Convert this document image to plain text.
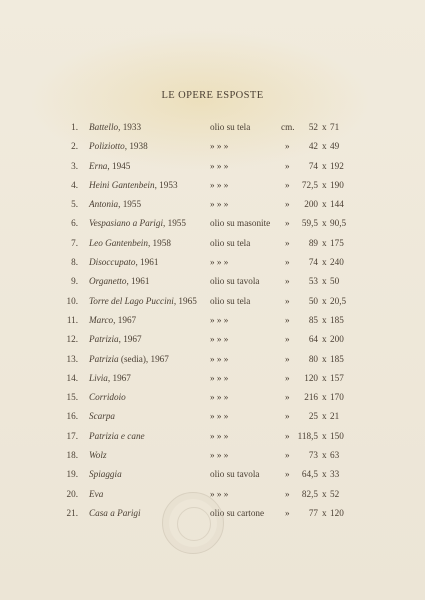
LE OPERE ESPOSTE
1. Battello, 1933	olio su tela	cm.	52 x 71
2. Poliziotto, 1938	» » »	»	42 x 49
3. Erna, 1945	» » »	»	74 x 192
4. Heini Gantenbein, 1953	» » »	»	72,5 x 190
5. Antonia, 1955	» » »	»	200 x 144
6. Vespasiano a Parigi, 1955	olio su masonite »	59,5 x 90,5
7. Leo Gantenbein, 1958	olio su tela	»	89 x 175
8. Disoccupato, 1961	» » »	»	74 x 240
9. Organetto, 1961	olio su tavola	»	53 x 50
10. Torre del Lago Puccini, 1965 olio su tela	»	50 x 20,5
11. Marco, 1967	» » »	»	85 x 185
12. Patrizia, 1967	» » »	»	64 x 200
13. Patrizia (sedia), 1967	» » »	»	80 x 185
14. Livia, 1967	» » »	»	120 x 157
15. Corridoio	» » »	»	216 x 170
16. Scarpa	» » »	»	25 x 21
17. Patrizia e cane	» » »	» 118,5 x 150
18. Wolz	» » »	»	73 x 63
19. Spiaggia	olio su tavola	»	64,5 x 33
20. Eva	» » »	»	82,5 x 52
21. Casa a Parigi	olio su cartone »	77 x 120
